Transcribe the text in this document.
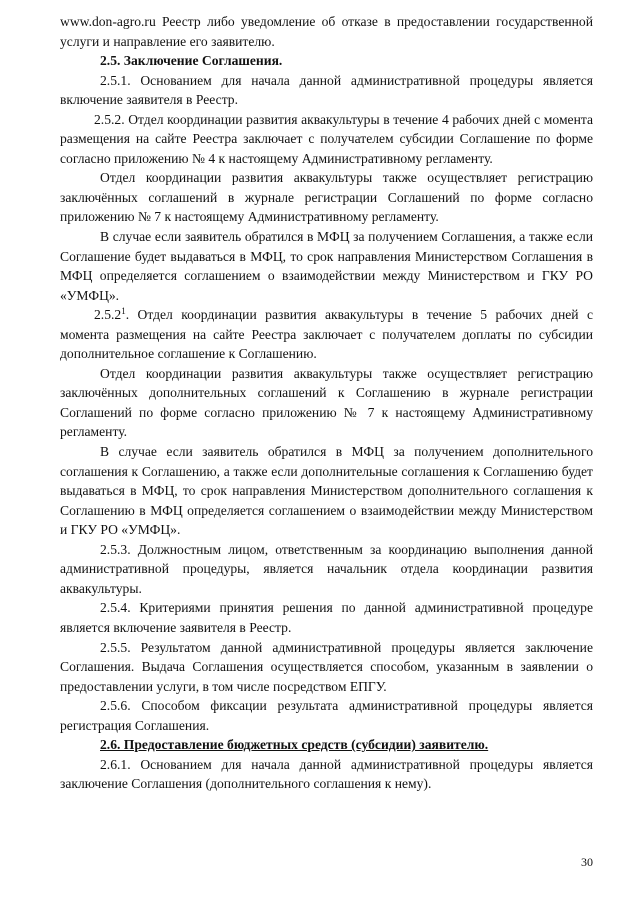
www.don-agro.ru Реестр либо уведомление об отказе в предоставлении государственной услуги и направление его заявителю.

2.5. Заключение Соглашения.

2.5.1. Основанием для начала данной административной процедуры является включение заявителя в Реестр.

2.5.2. Отдел координации развития аквакультуры в течение 4 рабочих дней с момента размещения на сайте Реестра заключает с получателем субсидии Соглашение по форме согласно приложению № 4 к настоящему Административному регламенту.

Отдел координации развития аквакультуры также осуществляет регистрацию заключённых соглашений в журнале регистрации Соглашений по форме согласно приложению № 7 к настоящему Административному регламенту.

В случае если заявитель обратился в МФЦ за получением Соглашения, а также если Соглашение будет выдаваться в МФЦ, то срок направления Министерством Соглашения в МФЦ определяется соглашением о взаимодействии между Министерством и ГКУ РО «УМФЦ».

2.5.2$^1$. Отдел координации развития аквакультуры в течение 5 рабочих дней с момента размещения на сайте Реестра заключает с получателем доплаты по субсидии дополнительное соглашение к Соглашению.

Отдел координации развития аквакультуры также осуществляет регистрацию заключённых дополнительных соглашений к Соглашению в журнале регистрации Соглашений по форме согласно приложению № 7 к настоящему Административному регламенту.

В случае если заявитель обратился в МФЦ за получением дополнительного соглашения к Соглашению, а также если дополнительные соглашения к Соглашению будет выдаваться в МФЦ, то срок направления Министерством дополнительного соглашения к Соглашению в МФЦ определяется соглашением о взаимодействии между Министерством и ГКУ РО «УМФЦ».

2.5.3. Должностным лицом, ответственным за координацию выполнения данной административной процедуры, является начальник отдела координации развития аквакультуры.

2.5.4. Критериями принятия решения по данной административной процедуре является включение заявителя в Реестр.

2.5.5. Результатом данной административной процедуры является заключение Соглашения. Выдача Соглашения осуществляется способом, указанным в заявлении о предоставлении услуги, в том числе посредством ЕПГУ.

2.5.6. Способом фиксации результата административной процедуры является регистрация Соглашения.

2.6. Предоставление бюджетных средств (субсидии) заявителю.

2.6.1. Основанием для начала данной административной процедуры является заключение Соглашения (дополнительного соглашения к нему).

30
